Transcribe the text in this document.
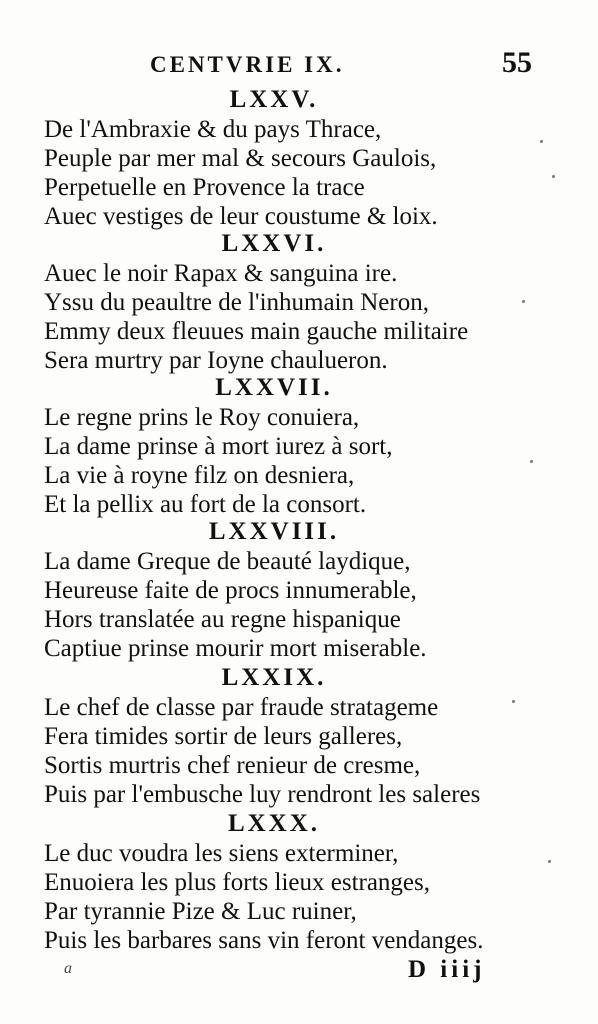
CENTVRIE IX.	55
LXXV.
De l'Ambraxie & du pays Thrace,
Peuple par mer mal & secours Gaulois,
Perpetuelle en Provence la trace
Auec vestiges de leur coustume & loix.
LXXVI.
Auec le noir Rapax & sanguina ire.
Yssu du peaultre de l'inhumain Neron,
Emmy deux fleuues main gauche militaire
Sera murtry par Ioyne chaulueron.
LXXVII.
Le regne prins le Roy conuiera,
La dame prinse à mort iurez à sort,
La vie à royne filz on desniera,
Et la pellix au fort de la consort.
LXXVIII.
La dame Greque de beauté laydique,
Heureuse faite de procs innumerable,
Hors translatée au regne hispanique
Captiue prinse mourir mort miserable.
LXXIX.
Le chef de classe par fraude stratageme
Fera timides sortir de leurs galleres,
Sortis murtris chef renieur de cresme,
Puis par l'embusche luy rendront les saleres
LXXX.
Le duc voudra les siens exterminer,
Enuoiera les plus forts lieux estranges,
Par tyrannie Pize & Luc ruiner,
Puis les barbares sans vin feront vendanges.
a	D iiij
